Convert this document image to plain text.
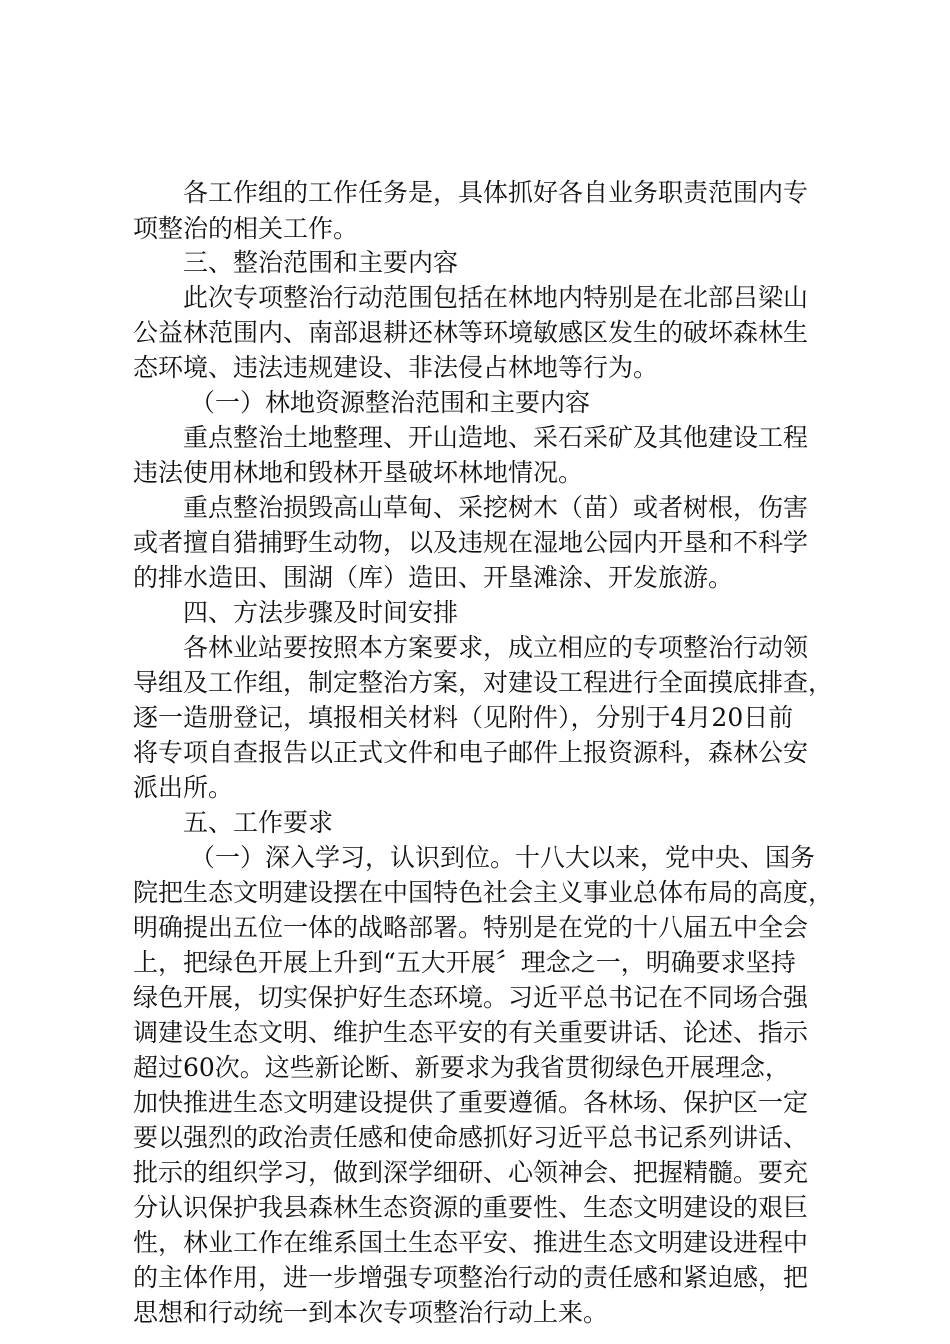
各工作组的工作任务是，具体抓好各自业务职责范围内专
项整治的相关工作。
三、整治范围和主要内容
此次专项整治行动范围包括在林地内特别是在北部吕梁山
公益林范围内、南部退耕还林等环境敏感区发生的破坏森林生
态环境、违法违规建设、非法侵占林地等行为。
（一）林地资源整治范围和主要内容
重点整治土地整理、开山造地、采石采矿及其他建设工程
违法使用林地和毁林开垦破坏林地情况。
重点整治损毁高山草甸、采挖树木（苗）或者树根，伤害
或者擅自猎捕野生动物，以及违规在湿地公园内开垦和不科学
的排水造田、围湖（库）造田、开垦滩涂、开发旅游。
四、方法步骤及时间安排
各林业站要按照本方案要求，成立相应的专项整治行动领
导组及工作组，制定整治方案，对建设工程进行全面摸底排查，
逐一造册登记，填报相关材料（见附件），分别于4月20日前
将专项自查报告以正式文件和电子邮件上报资源科，森林公安
派出所。
五、工作要求
（一）深入学习，认识到位。十八大以来，党中央、国务
院把生态文明建设摆在中国特色社会主义事业总体布局的高度，
明确提出五位一体的战略部署。特别是在党的十八届五中全会
上，把绿色开展上升到“五大开展〞理念之一，明确要求坚持
绿色开展，切实保护好生态环境。习近平总书记在不同场合强
调建设生态文明、维护生态平安的有关重要讲话、论述、指示
超过60次。这些新论断、新要求为我省贯彻绿色开展理念，
加快推进生态文明建设提供了重要遵循。各林场、保护区一定
要以强烈的政治责任感和使命感抓好习近平总书记系列讲话、
批示的组织学习，做到深学细研、心领神会、把握精髓。要充
分认识保护我县森林生态资源的重要性、生态文明建设的艰巨
性，林业工作在维系国土生态平安、推进生态文明建设进程中
的主体作用，进一步增强专项整治行动的责任感和紧迫感，把
思想和行动统一到本次专项整治行动上来。
